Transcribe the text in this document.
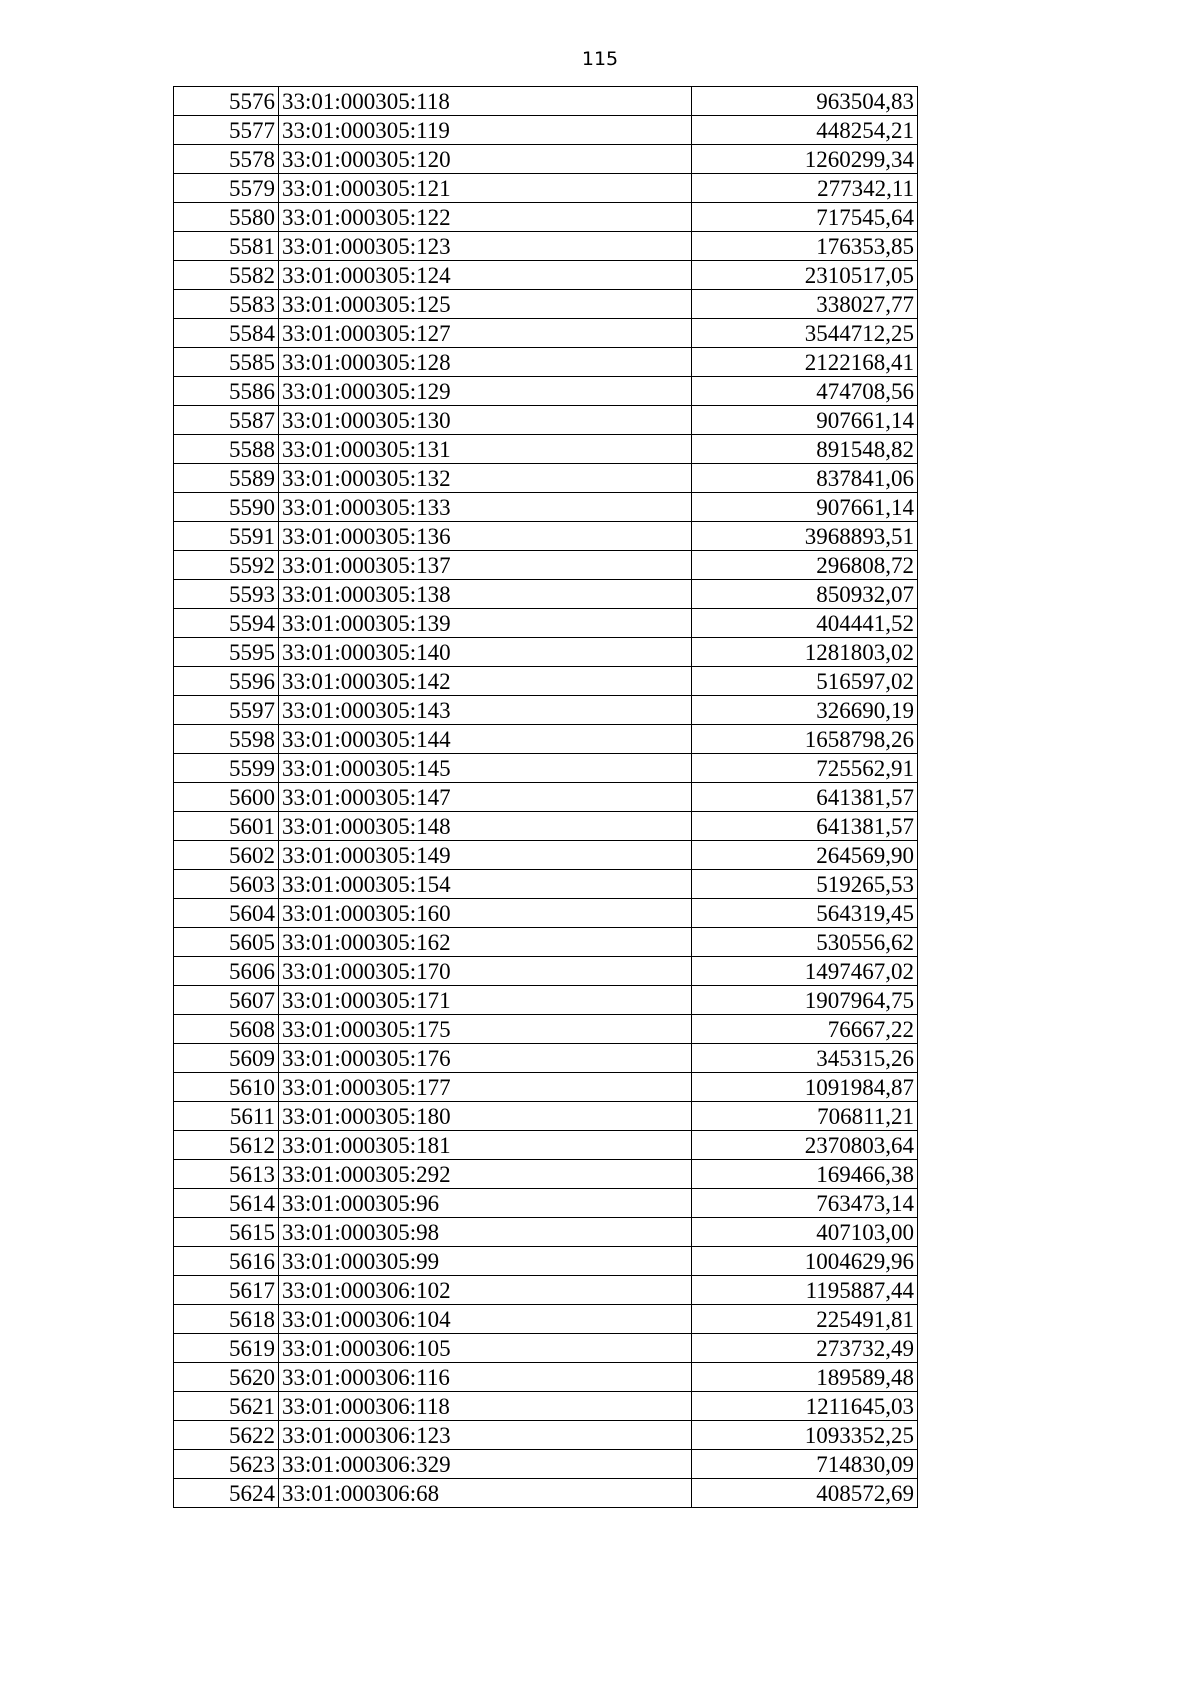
115
5576	33:01:000305:118	963504,83
5577	33:01:000305:119	448254,21
5578	33:01:000305:120	1260299,34
5579	33:01:000305:121	277342,11
5580	33:01:000305:122	717545,64
5581	33:01:000305:123	176353,85
5582	33:01:000305:124	2310517,05
5583	33:01:000305:125	338027,77
5584	33:01:000305:127	3544712,25
5585	33:01:000305:128	2122168,41
5586	33:01:000305:129	474708,56
5587	33:01:000305:130	907661,14
5588	33:01:000305:131	891548,82
5589	33:01:000305:132	837841,06
5590	33:01:000305:133	907661,14
5591	33:01:000305:136	3968893,51
5592	33:01:000305:137	296808,72
5593	33:01:000305:138	850932,07
5594	33:01:000305:139	404441,52
5595	33:01:000305:140	1281803,02
5596	33:01:000305:142	516597,02
5597	33:01:000305:143	326690,19
5598	33:01:000305:144	1658798,26
5599	33:01:000305:145	725562,91
5600	33:01:000305:147	641381,57
5601	33:01:000305:148	641381,57
5602	33:01:000305:149	264569,90
5603	33:01:000305:154	519265,53
5604	33:01:000305:160	564319,45
5605	33:01:000305:162	530556,62
5606	33:01:000305:170	1497467,02
5607	33:01:000305:171	1907964,75
5608	33:01:000305:175	76667,22
5609	33:01:000305:176	345315,26
5610	33:01:000305:177	1091984,87
5611	33:01:000305:180	706811,21
5612	33:01:000305:181	2370803,64
5613	33:01:000305:292	169466,38
5614	33:01:000305:96	763473,14
5615	33:01:000305:98	407103,00
5616	33:01:000305:99	1004629,96
5617	33:01:000306:102	1195887,44
5618	33:01:000306:104	225491,81
5619	33:01:000306:105	273732,49
5620	33:01:000306:116	189589,48
5621	33:01:000306:118	1211645,03
5622	33:01:000306:123	1093352,25
5623	33:01:000306:329	714830,09
5624	33:01:000306:68	408572,69
